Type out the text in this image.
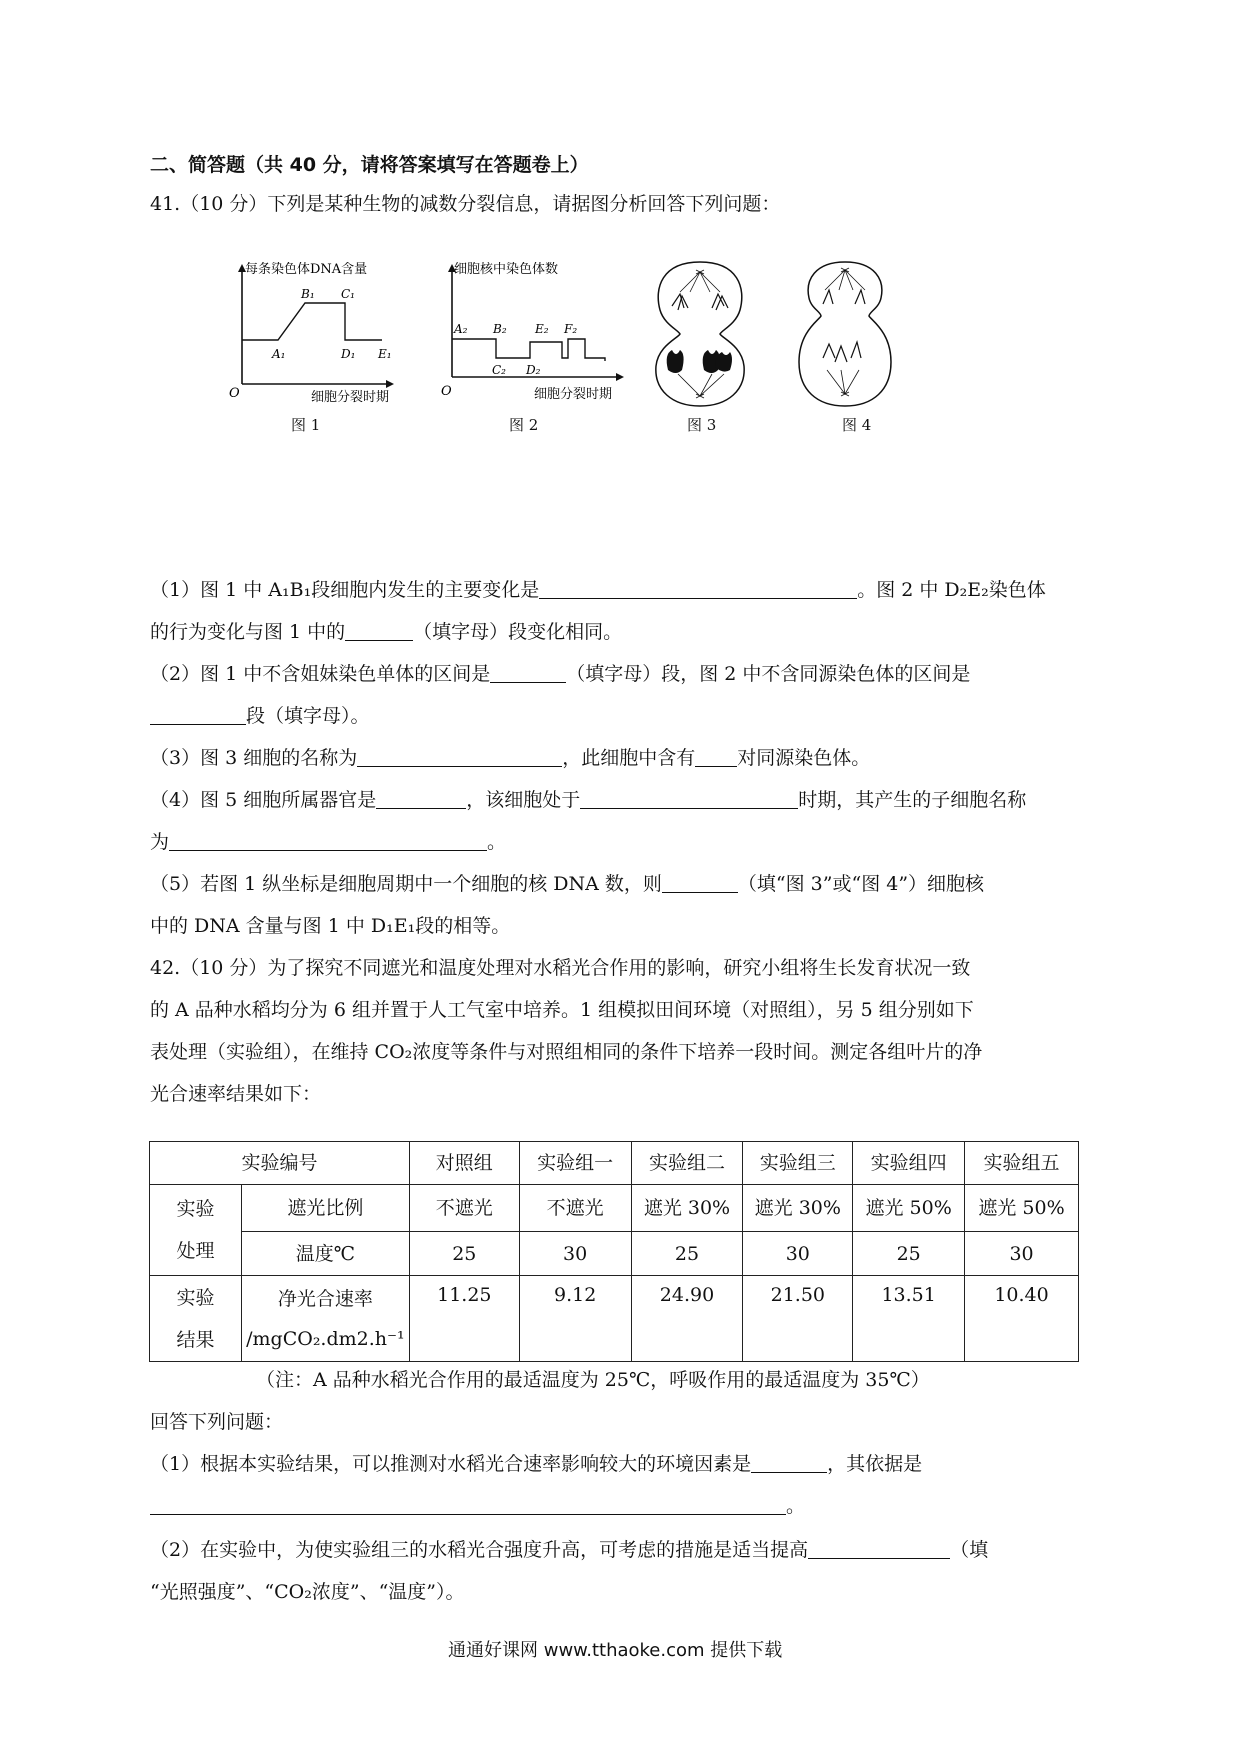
二、简答题（共 40 分，请将答案填写在答题卷上）
41.（10 分）下列是某种生物的减数分裂信息，请据图分析回答下列问题：
每条染色体DNA含量
O	细胞分裂时期
A₁
B₁ C₁
D₁ E₁
细胞核中染色体数
O	细胞分裂时期
A₂ B₂
C₂ D₂
E₂ F₂
图 1	图 2	图 3	图 4
（1）图 1 中 A₁B₁段细胞内发生的主要变化是	。图 2 中 D₂E₂染色体
的行为变化与图 1 中的	（填字母）段变化相同。
（2）图 1 中不含姐妹染色单体的区间是	（填字母）段，图 2 中不含同源染色体的区间是
段（填字母）。
（3）图 3 细胞的名称为	，此细胞中含有 对同源染色体。
（4）图 5 细胞所属器官是	，该细胞处于	时期，其产生的子细胞名称
为	。
（5）若图 1 纵坐标是细胞周期中一个细胞的核 DNA 数，则	（填“图 3”或“图 4”）细胞核
中的 DNA 含量与图 1 中 D₁E₁段的相等。
42.（10 分）为了探究不同遮光和温度处理对水稻光合作用的影响，研究小组将生长发育状况一致
的 A 品种水稻均分为 6 组并置于人工气室中培养。1 组模拟田间环境（对照组），另 5 组分别如下
表处理（实验组），在维持 CO₂浓度等条件与对照组相同的条件下培养一段时间。测定各组叶片的净
光合速率结果如下：
实验编号		对照组	实验组一	实验组二	实验组三	实验组四	实验组五
实验处理	遮光比例	不遮光	不遮光	遮光 30%	遮光 30%	遮光 50%	遮光 50%
	温度℃	25	30	25	30	25	30
实验结果	净光合速率
/mgCO₂.dm2.h⁻¹	11.25	9.12	24.90	21.50	13.51	10.40
（注：A 品种水稻光合作用的最适温度为 25℃，呼吸作用的最适温度为 35℃）
回答下列问题：
（1）根据本实验结果，可以推测对水稻光合速率影响较大的环境因素是	，其依据是
。
（2）在实验中，为使实验组三的水稻光合强度升高，可考虑的措施是适当提高	（填
“光照强度”、“CO₂浓度”、“温度”）。
通通好课网 www.tthaoke.com 提供下载
